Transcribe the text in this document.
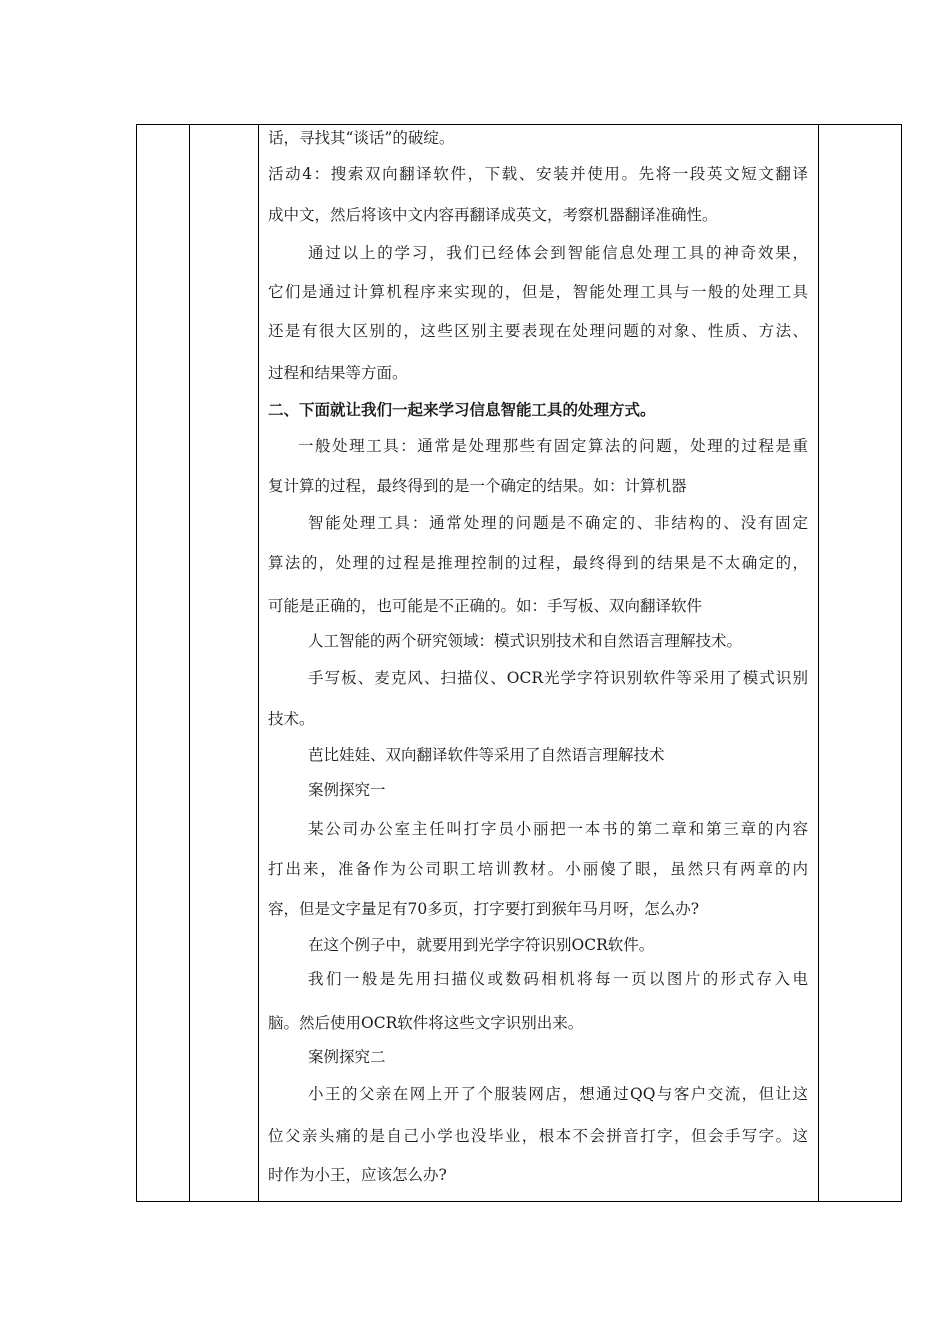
话，寻找其“谈话”的破绽。
活动4：搜索双向翻译软件，下载、安装并使用。先将一段英文短文翻译
成中文，然后将该中文内容再翻译成英文，考察机器翻译准确性。
通过以上的学习，我们已经体会到智能信息处理工具的神奇效果，
它们是通过计算机程序来实现的，但是，智能处理工具与一般的处理工具
还是有很大区别的，这些区别主要表现在处理问题的对象、性质、方法、
过程和结果等方面。
二、下面就让我们一起来学习信息智能工具的处理方式。
一般处理工具：通常是处理那些有固定算法的问题，处理的过程是重
复计算的过程，最终得到的是一个确定的结果。如：计算机器
智能处理工具：通常处理的问题是不确定的、非结构的、没有固定
算法的，处理的过程是推理控制的过程，最终得到的结果是不太确定的，
可能是正确的，也可能是不正确的。如：手写板、双向翻译软件
人工智能的两个研究领域：模式识别技术和自然语言理解技术。
手写板、麦克风、扫描仪、OCR光学字符识别软件等采用了模式识别
技术。
芭比娃娃、双向翻译软件等采用了自然语言理解技术
案例探究一
某公司办公室主任叫打字员小丽把一本书的第二章和第三章的内容
打出来，准备作为公司职工培训教材。小丽傻了眼，虽然只有两章的内
容，但是文字量足有70多页，打字要打到猴年马月呀，怎么办?
在这个例子中，就要用到光学字符识别OCR软件。
我们一般是先用扫描仪或数码相机将每一页以图片的形式存入电
脑。然后使用OCR软件将这些文字识别出来。
案例探究二
小王的父亲在网上开了个服装网店，想通过QQ与客户交流，但让这
位父亲头痛的是自己小学也没毕业，根本不会拼音打字，但会手写字。这
时作为小王，应该怎么办?
